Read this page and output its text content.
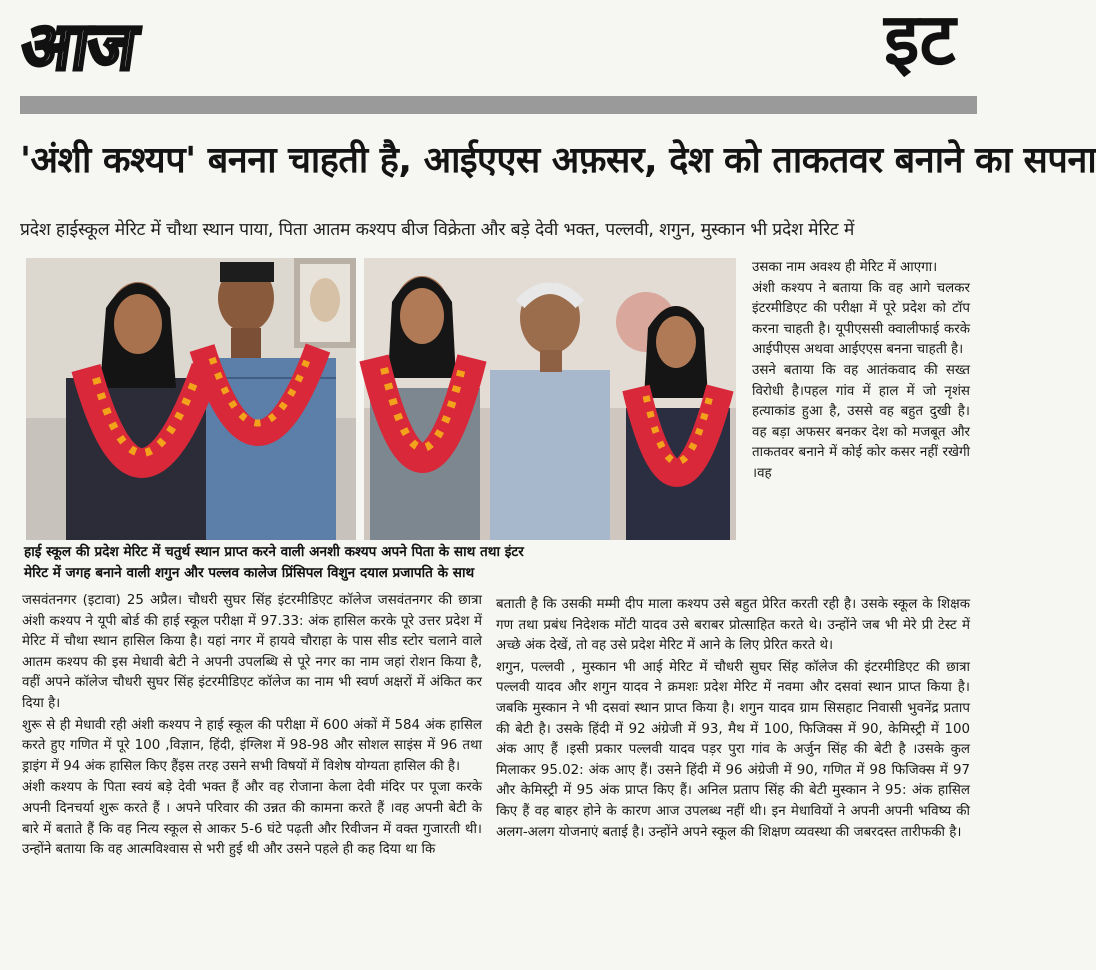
आज	इट
'अंशी कश्यप' बनना चाहती है, आईएएस अफ़सर, देश को ताकतवर बनाने का सपना
प्रदेश हाईस्कूल मेरिट में चौथा स्थान पाया, पिता आतम कश्यप बीज विक्रेता और बड़े देवी भक्त, पल्लवी, शगुन, मुस्कान भी प्रदेश मेरिट में
हाई स्कूल की प्रदेश मेरिट में चतुर्थ स्थान प्राप्त करने वाली अनशी कश्यप अपने पिता के साथ तथा इंटर
मेरिट में जगह बनाने वाली शगुन और पल्लव कालेज प्रिंसिपल विशुन दयाल प्रजापति के साथ

उसका नाम अवश्य ही मेरिट में आएगा।

अंशी कश्यप ने बताया कि वह आगे चलकर इंटरमीडिएट की परीक्षा में पूरे प्रदेश को टॉप करना चाहती है। यूपीएससी क्वालीफाई करके आईपीएस अथवा आईएएस बनना चाहती है।

उसने बताया कि वह आतंकवाद की सख्त विरोधी है।पहल गांव में हाल में जो नृशंस हत्याकांड हुआ है, उससे वह बहुत दुखी है। वह बड़ा अफसर बनकर देश को मजबूत और ताकतवर बनाने में कोई कोर कसर नहीं रखेगी ।वह

जसवंतनगर (इटावा) 25 अप्रैल। चौधरी सुघर सिंह इंटरमीडिएट कॉलेज जसवंतनगर की छात्रा अंशी कश्यप ने यूपी बोर्ड की हाई स्कूल परीक्षा में 97.33: अंक हासिल करके पूरे उत्तर प्रदेश में मेरिट में चौथा स्थान हासिल किया है। यहां नगर में हायवे चौराहा के पास सीड स्टोर चलाने वाले आतम कश्यप की इस मेधावी बेटी ने अपनी उपलब्धि से पूरे नगर का नाम जहां रोशन किया है, वहीं अपने कॉलेज चौधरी सुघर सिंह इंटरमीडिएट कॉलेज का नाम भी स्वर्ण अक्षरों में अंकित कर दिया है।

शुरू से ही मेधावी रही अंशी कश्यप ने हाई स्कूल की परीक्षा में 600 अंकों में 584 अंक हासिल करते हुए गणित में पूरे 100 ,विज्ञान, हिंदी, इंग्लिश में 98-98 और सोशल साइंस में 96 तथा ड्राइंग में 94 अंक हासिल किए हैंइस तरह उसने सभी विषयों में विशेष योग्यता हासिल की है।

अंशी कश्यप के पिता स्वयं बड़े देवी भक्त हैं और वह रोजाना केला देवी मंदिर पर पूजा करके अपनी दिनचर्या शुरू करते हैं । अपने परिवार की उन्नत की कामना करते हैं ।वह अपनी बेटी के बारे में बताते हैं कि वह नित्य स्कूल से आकर 5-6 घंटे पढ़ती और रिवीजन में वक्त गुजारती थी। उन्होंने बताया कि वह आत्मविश्वास से भरी हुई थी और उसने पहले ही कह दिया था कि

बताती है कि उसकी मम्मी दीप माला कश्यप उसे बहुत प्रेरित करती रही है। उसके स्कूल के शिक्षक गण तथा प्रबंध निदेशक मोंटी यादव उसे बराबर प्रोत्साहित करते थे। उन्होंने जब भी मेरे प्री टेस्ट में अच्छे अंक देखें, तो वह उसे प्रदेश मेरिट में आने के लिए प्रेरित करते थे।

शगुन, पल्लवी , मुस्कान भी आई मेरिट में चौधरी सुघर सिंह कॉलेज की इंटरमीडिएट की छात्रा पल्लवी यादव और शगुन यादव ने क्रमशः प्रदेश मेरिट में नवमा और दसवां स्थान प्राप्त किया है। जबकि मुस्कान ने भी दसवां स्थान प्राप्त किया है। शगुन यादव ग्राम सिसहाट निवासी भुवनेंद्र प्रताप की बेटी है। उसके हिंदी में 92 अंग्रेजी में 93, मैथ में 100, फिजिक्स में 90, केमिस्ट्री में 100 अंक आए हैं ।इसी प्रकार पल्लवी यादव पड़र पुरा गांव के अर्जुन सिंह की बेटी है ।उसके कुल मिलाकर 95.02: अंक आए हैं। उसने हिंदी में 96 अंग्रेजी में 90, गणित में 98 फिजिक्स में 97 और केमिस्ट्री में 95 अंक प्राप्त किए हैं। अनिल प्रताप सिंह की बेटी मुस्कान ने 95: अंक हासिल किए हैं वह बाहर होने के कारण आज उपलब्ध नहीं थी। इन मेधावियों ने अपनी अपनी भविष्य की अलग-अलग योजनाएं बताई है। उन्होंने अपने स्कूल की शिक्षण व्यवस्था की जबरदस्त तारीफकी है।
